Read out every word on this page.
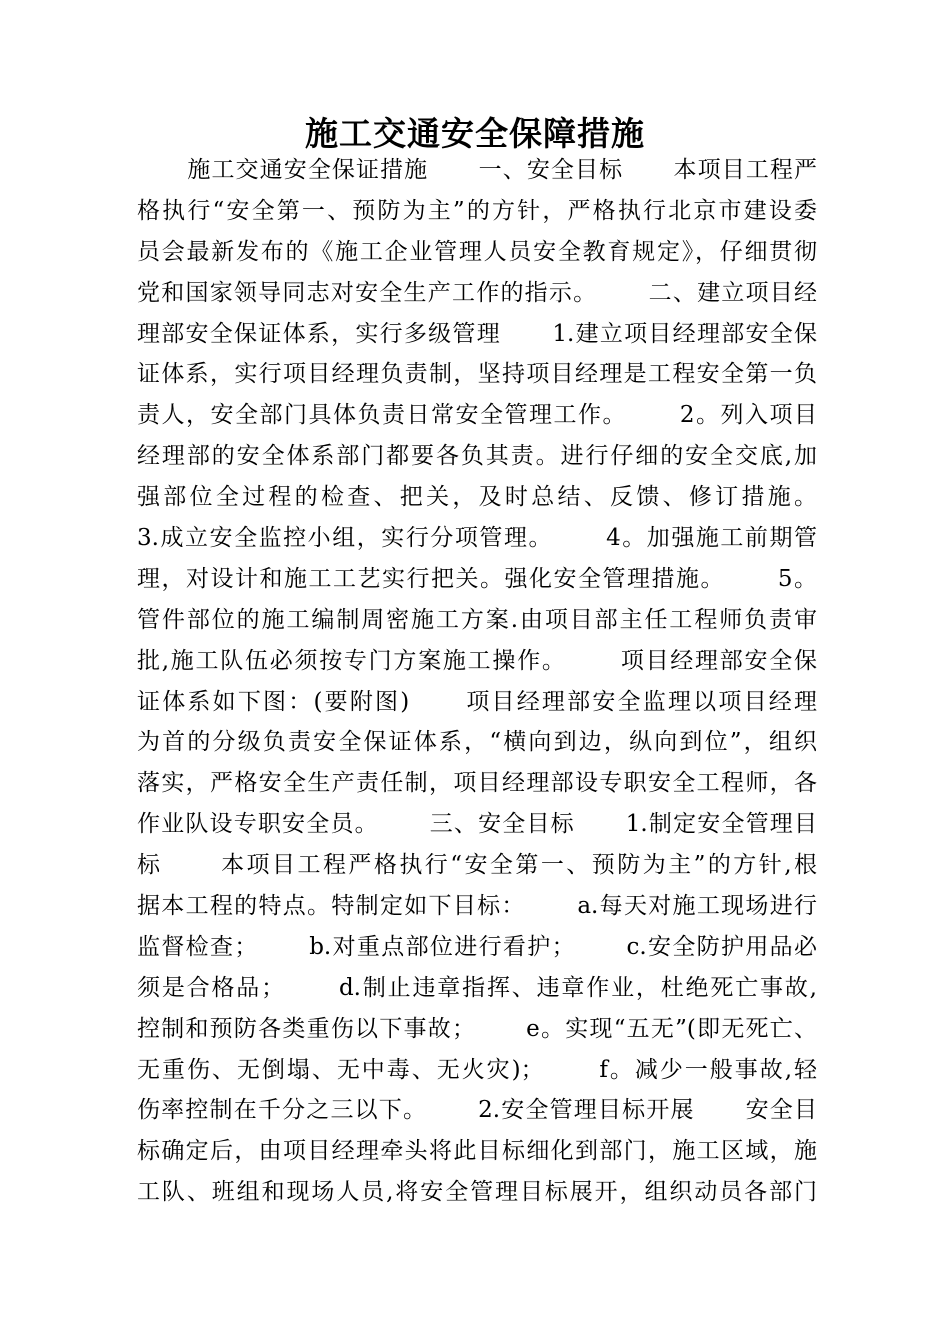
施工交通安全保障措施
施工交通安全保证措施      一、安全目标      本项目工程严
格执行“安全第一、预防为主”的方针，严格执行北京市建设委
员会最新发布的《施工企业管理人员安全教育规定》，仔细贯彻
党和国家领导同志对安全生产工作的指示。      二、建立项目经
理部安全保证体系，实行多级管理      1.建立项目经理部安全保
证体系，实行项目经理负责制，坚持项目经理是工程安全第一负
责人，安全部门具体负责日常安全管理工作。      2。列入项目
经理部的安全体系部门都要各负其责。进行仔细的安全交底,加
强部位全过程的检查、把关，及时总结、反馈、修订措施。
3.成立安全监控小组，实行分项管理。      4。加强施工前期管
理，对设计和施工工艺实行把关。强化安全管理措施。      5。
管件部位的施工编制周密施工方案.由项目部主任工程师负责审
批,施工队伍必须按专门方案施工操作。      项目经理部安全保
证体系如下图：(要附图)      项目经理部安全监理以项目经理
为首的分级负责安全保证体系，“横向到边，纵向到位”，组织
落实，严格安全生产责任制，项目经理部设专职安全工程师，各
作业队设专职安全员。      三、安全目标      1.制定安全管理目
标      本项目工程严格执行“安全第一、预防为主”的方针,根
据本工程的特点。特制定如下目标：      a.每天对施工现场进行
监督检查；      b.对重点部位进行看护；      c.安全防护用品必
须是合格品；      d.制止违章指挥、违章作业，杜绝死亡事故,
控制和预防各类重伤以下事故；      e。实现“五无”(即无死亡、
无重伤、无倒塌、无中毒、无火灾)；      f。减少一般事故,轻
伤率控制在千分之三以下。      2.安全管理目标开展      安全目
标确定后，由项目经理牵头将此目标细化到部门，施工区域，施
工队、班组和现场人员,将安全管理目标展开，组织动员各部门
